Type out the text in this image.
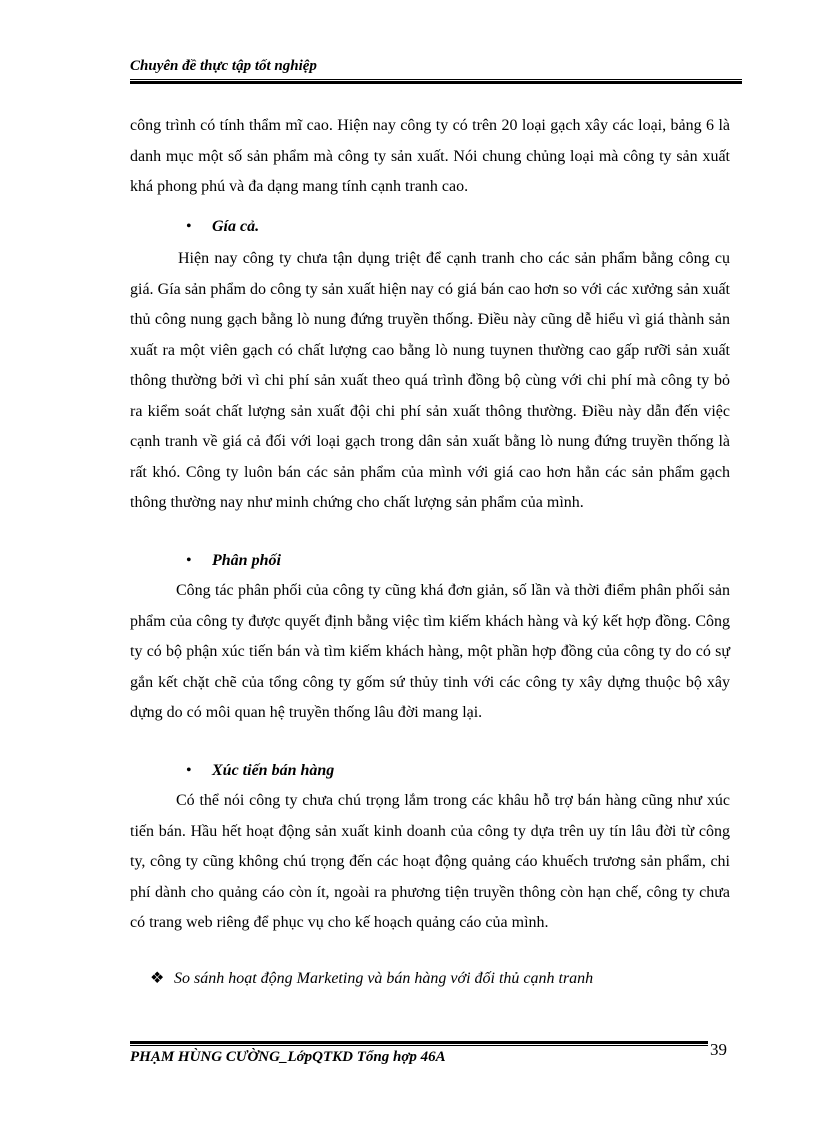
Chuyên đề thực tập tốt nghiệp

công trình có tính thẩm mĩ cao. Hiện nay công ty có trên 20 loại gạch xây các loại, bảng 6 là danh mục một số sản phẩm mà công ty sản xuất. Nói chung chủng loại mà công ty sản xuất khá phong phú và đa dạng mang tính cạnh tranh cao.

• Gía cả.

Hiện nay công ty chưa tận dụng triệt để cạnh tranh cho các sản phẩm bằng công cụ giá. Gía sản phẩm do công ty sản xuất hiện nay có giá bán cao hơn so với các xưởng sản xuất thủ công nung gạch bằng lò nung đứng truyền thống. Điều này cũng dễ hiểu vì giá thành sản xuất ra một viên gạch có chất lượng cao bằng lò nung tuynen thường cao gấp rưỡi sản xuất thông thường bởi vì chi phí sản xuất theo quá trình đồng bộ cùng với chi phí mà công ty bỏ ra kiểm soát chất lượng sản xuất đội chi phí sản xuất thông thường. Điều này dẫn đến việc cạnh tranh về giá cả đối với loại gạch trong dân sản xuất bằng lò nung đứng truyền thống là rất khó. Công ty luôn bán các sản phẩm của mình với giá cao hơn hẳn các sản phẩm gạch thông thường nay như minh chứng cho chất lượng sản phẩm của mình.

• Phân phối

Công tác phân phối của công ty cũng khá đơn giản, số lần và thời điểm phân phối sản phẩm của công ty được quyết định bằng việc tìm kiếm khách hàng và ký kết hợp đồng. Công ty có bộ phận xúc tiến bán và tìm kiếm khách hàng, một phần hợp đồng của công ty do có sự gắn kết chặt chẽ của tổng công ty gốm sứ thủy tinh với các công ty xây dựng thuộc bộ xây dựng do có môi quan hệ truyền thống lâu đời mang lại.

• Xúc tiến bán hàng

Có thể nói công ty chưa chú trọng lắm trong các khâu hỗ trợ bán hàng cũng như xúc tiến bán. Hầu hết hoạt động sản xuất kinh doanh của công ty dựa trên uy tín lâu đời từ công ty, công ty cũng không chú trọng đến các hoạt động quảng cáo khuếch trương sản phẩm, chi phí dành cho quảng cáo còn ít, ngoài ra phương tiện truyền thông còn hạn chế, công ty chưa có trang web riêng để phục vụ cho kế hoạch quảng cáo của mình.

❖ So sánh hoạt động Marketing và bán hàng với đối thủ cạnh tranh
PHẠM HÙNG CƯỜNG_LớpQTKD Tổng hợp 46A	39
